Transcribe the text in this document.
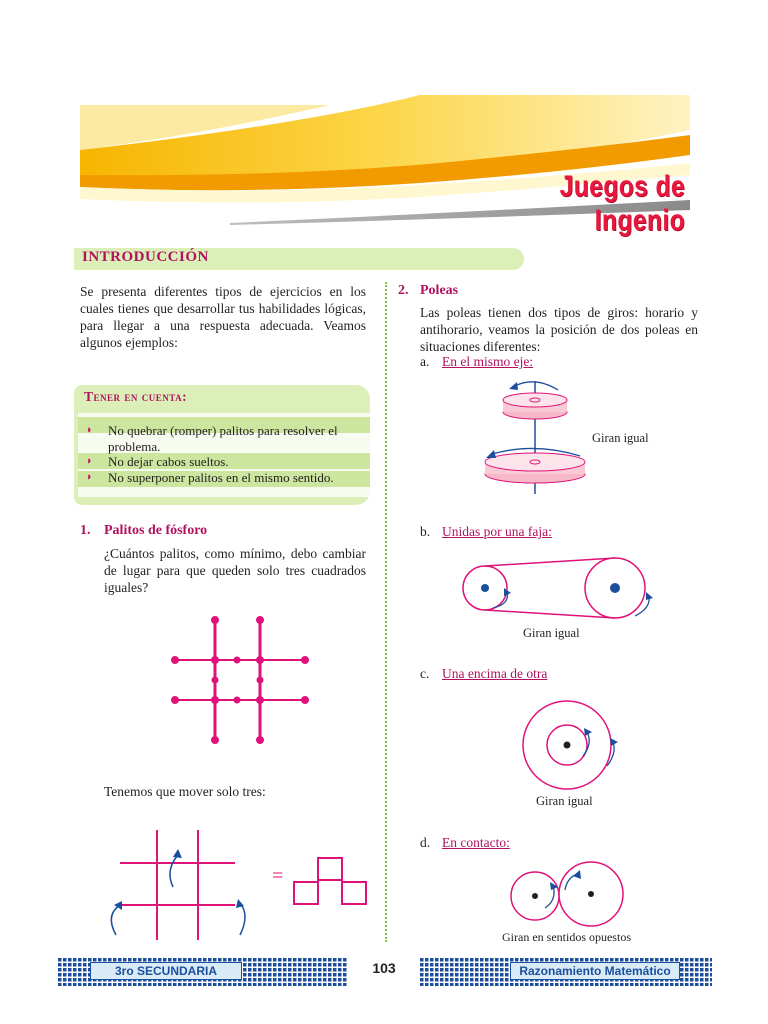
Juegos de Ingenio
INTRODUCCIÓN
Se presenta diferentes tipos de ejercicios en los cuales tienes que desarrollar tus habilidades lógicas, para llegar a una respuesta adecuada. Veamos algunos ejemplos:
Tener en cuenta:
◗ No quebrar (romper) palitos para resolver el problema.
◗ No dejar cabos sueltos.
◗ No superponer palitos en el mismo sentido.
1. Palitos de fósforo
¿Cuántos palitos, como mínimo, debo cambiar de lugar para que queden solo tres cuadrados iguales?
Tenemos que mover solo tres:
=
2. Poleas
Las poleas tienen dos tipos de giros: horario y antihorario, veamos la posición de dos poleas en situaciones diferentes:
a. En el mismo eje:
Giran igual
b. Unidas por una faja:
Giran igual
c. Una encima de otra
Giran igual
d. En contacto:
Giran en sentidos opuestos
3ro SECUNDARIA	103	Razonamiento Matemático
